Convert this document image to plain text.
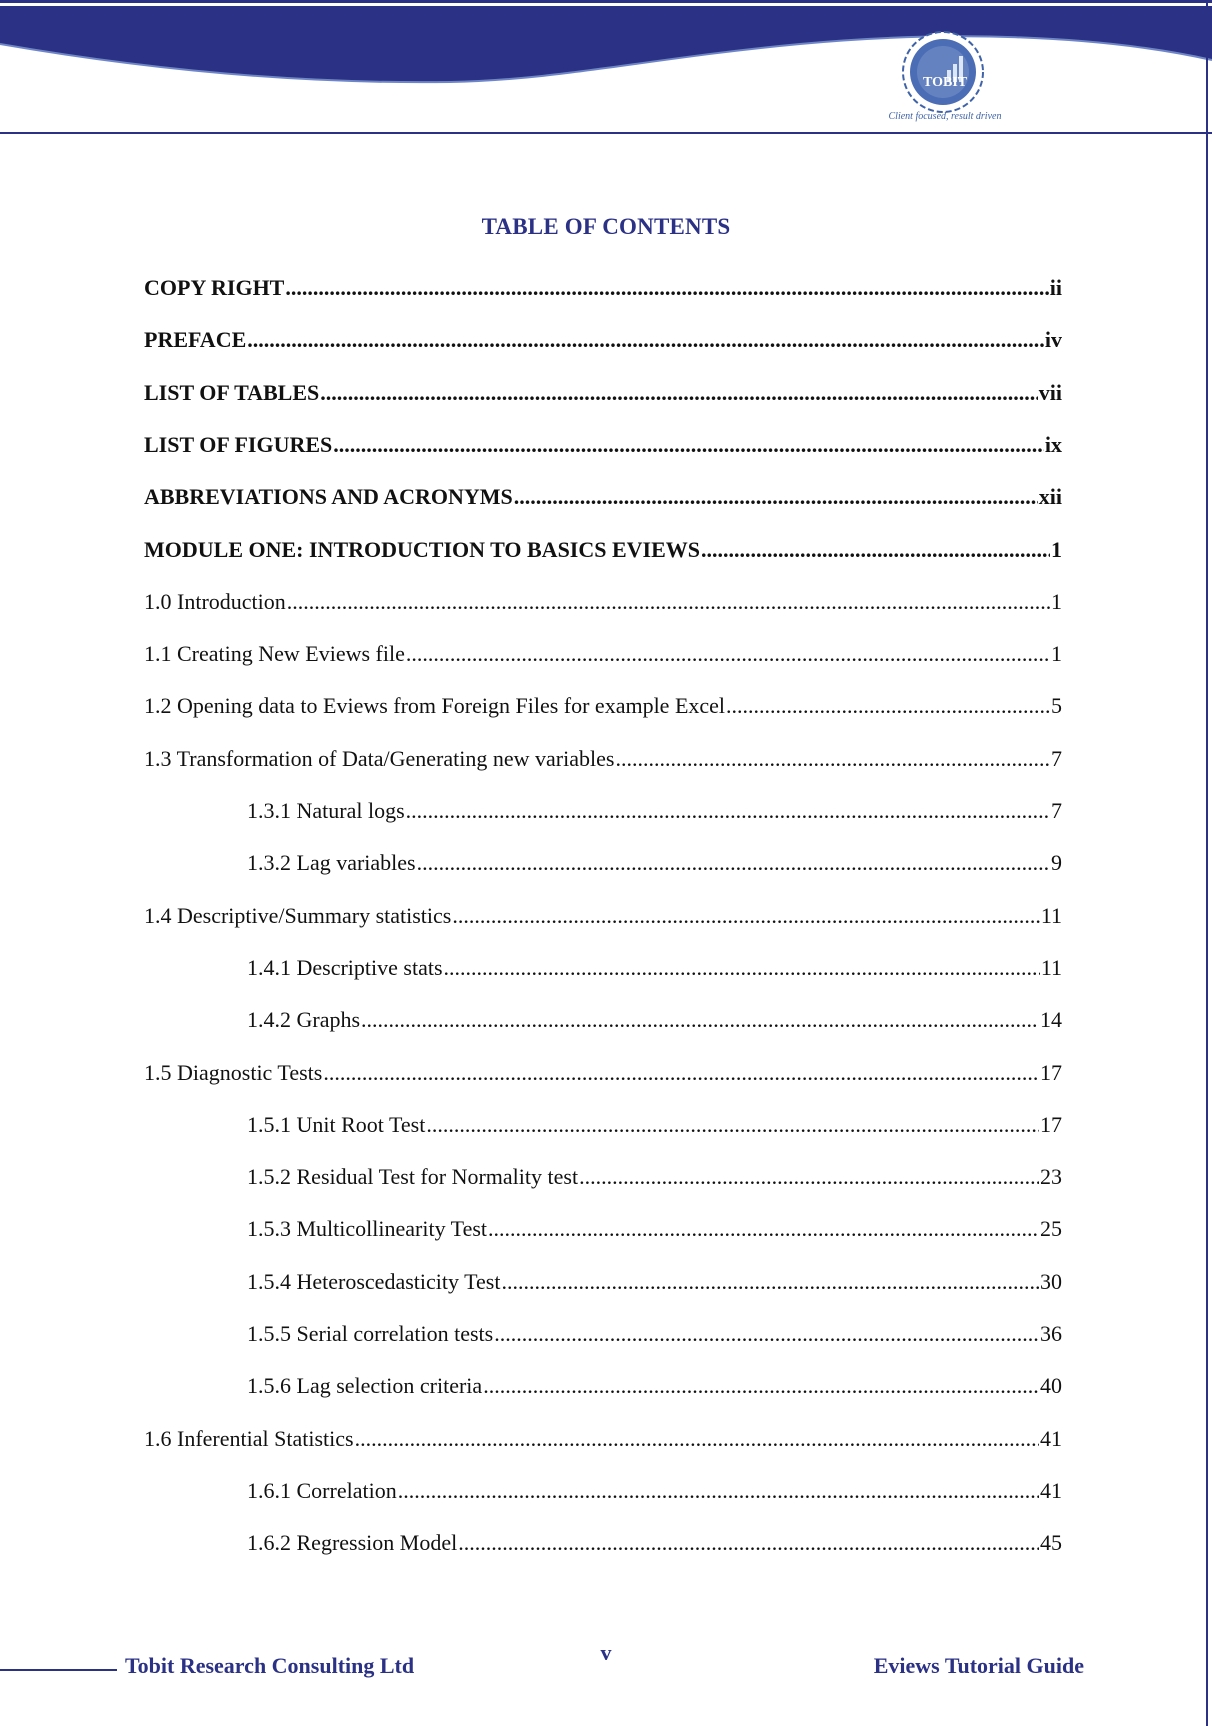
TOBIT
Client focused, result driven
TABLE OF CONTENTS
COPY RIGHT .....	ii
PREFACE .....	iv
LIST OF TABLES .....	vii
LIST OF FIGURES .....	ix
ABBREVIATIONS AND ACRONYMS .....	xii
MODULE ONE: INTRODUCTION TO BASICS EVIEWS .....	1
1.0 Introduction .....	1
1.1 Creating New Eviews file .....	1
1.2 Opening data to Eviews from Foreign Files for example Excel .....	5
1.3 Transformation of Data/Generating new variables .....	7
1.3.1 Natural logs .....	7
1.3.2 Lag variables .....	9
1.4 Descriptive/Summary statistics .....	11
1.4.1 Descriptive stats .....	11
1.4.2 Graphs .....	14
1.5 Diagnostic Tests .....	17
1.5.1 Unit Root Test .....	17
1.5.2 Residual Test for Normality test .....	23
1.5.3 Multicollinearity Test .....	25
1.5.4 Heteroscedasticity Test .....	30
1.5.5 Serial correlation tests .....	36
1.5.6 Lag selection criteria .....	40
1.6 Inferential Statistics .....	41
1.6.1 Correlation .....	41
1.6.2 Regression Model .....	45
Tobit Research Consulting Ltd
v
Eviews Tutorial Guide
